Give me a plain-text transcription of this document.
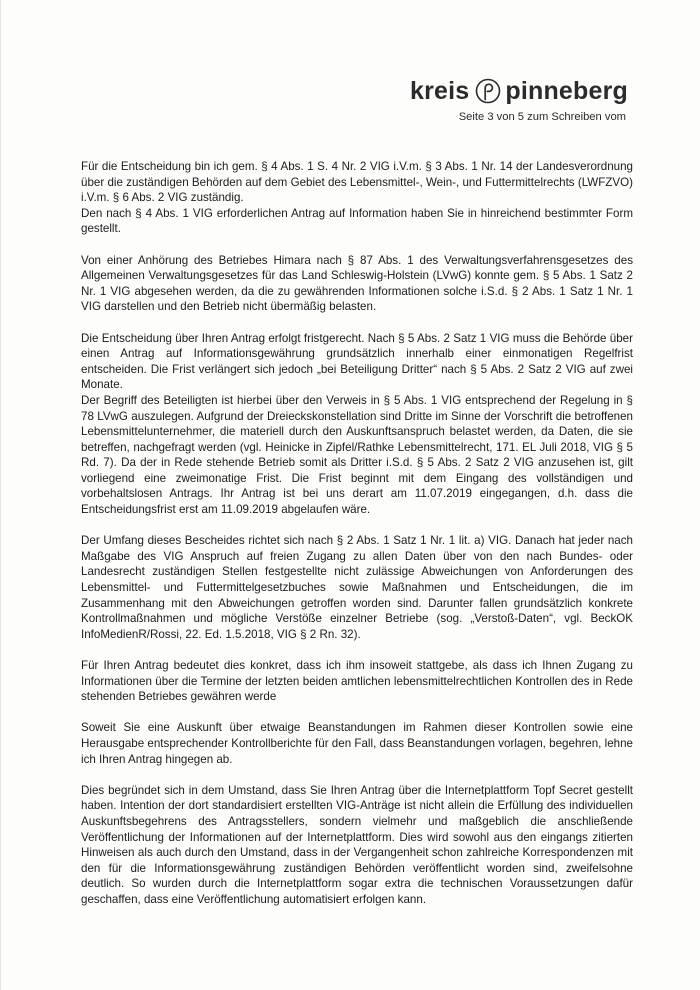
kreis pinneberg
Seite 3 von 5 zum Schreiben vom

Für die Entscheidung bin ich gem. § 4 Abs. 1 S. 4 Nr. 2 VIG i.V.m. § 3 Abs. 1 Nr. 14 der Landesverordnung über die zuständigen Behörden auf dem Gebiet des Lebensmittel-, Wein-, und Futtermittelrechts (LWFZVO) i.V.m. § 6 Abs. 2 VIG zuständig.

Den nach § 4 Abs. 1 VIG erforderlichen Antrag auf Information haben Sie in hinreichend bestimmter Form gestellt.

Von einer Anhörung des Betriebes Himara nach § 87 Abs. 1 des Verwaltungsverfahrensgesetzes des Allgemeinen Verwaltungsgesetzes für das Land Schleswig-Holstein (LVwG) konnte gem. § 5 Abs. 1 Satz 2 Nr. 1 VIG abgesehen werden, da die zu gewährenden Informationen solche i.S.d. § 2 Abs. 1 Satz 1 Nr. 1 VIG darstellen und den Betrieb nicht übermäßig belasten.

Die Entscheidung über Ihren Antrag erfolgt fristgerecht. Nach § 5 Abs. 2 Satz 1 VIG muss die Behörde über einen Antrag auf Informationsgewährung grundsätzlich innerhalb einer einmonatigen Regelfrist entscheiden. Die Frist verlängert sich jedoch „bei Beteiligung Dritter“ nach § 5 Abs. 2 Satz 2 VIG auf zwei Monate.

Der Begriff des Beteiligten ist hierbei über den Verweis in § 5 Abs. 1 VIG entsprechend der Regelung in § 78 LVwG auszulegen. Aufgrund der Dreieckskonstellation sind Dritte im Sinne der Vorschrift die betroffenen Lebensmittelunternehmer, die materiell durch den Auskunftsanspruch belastet werden, da Daten, die sie betreffen, nachgefragt werden (vgl. Heinicke in Zipfel/Rathke Lebensmittelrecht, 171. EL Juli 2018, VIG § 5 Rd. 7). Da der in Rede stehende Betrieb somit als Dritter i.S.d. § 5 Abs. 2 Satz 2 VIG anzusehen ist, gilt vorliegend eine zweimonatige Frist. Die Frist beginnt mit dem Eingang des vollständigen und vorbehaltslosen Antrags. Ihr Antrag ist bei uns derart am 11.07.2019 eingegangen, d.h. dass die Entscheidungsfrist erst am 11.09.2019 abgelaufen wäre.

Der Umfang dieses Bescheides richtet sich nach § 2 Abs. 1 Satz 1 Nr. 1 lit. a) VIG. Danach hat jeder nach Maßgabe des VIG Anspruch auf freien Zugang zu allen Daten über von den nach Bundes- oder Landesrecht zuständigen Stellen festgestellte nicht zulässige Abweichungen von Anforderungen des Lebensmittel- und Futtermittelgesetzbuches sowie Maßnahmen und Entscheidungen, die im Zusammenhang mit den Abweichungen getroffen worden sind. Darunter fallen grundsätzlich konkrete Kontrollmaßnahmen und mögliche Verstöße einzelner Betriebe (sog. „Verstoß-Daten“, vgl. BeckOK InfoMedienR/Rossi, 22. Ed. 1.5.2018, VIG § 2 Rn. 32).

Für Ihren Antrag bedeutet dies konkret, dass ich ihm insoweit stattgebe, als dass ich Ihnen Zugang zu Informationen über die Termine der letzten beiden amtlichen lebensmittelrechtlichen Kontrollen des in Rede stehenden Betriebes gewähren werde

Soweit Sie eine Auskunft über etwaige Beanstandungen im Rahmen dieser Kontrollen sowie eine Herausgabe entsprechender Kontrollberichte für den Fall, dass Beanstandungen vorlagen, begehren, lehne ich Ihren Antrag hingegen ab.

Dies begründet sich in dem Umstand, dass Sie Ihren Antrag über die Internetplattform Topf Secret gestellt haben. Intention der dort standardisiert erstellten VIG-Anträge ist nicht allein die Erfüllung des individuellen Auskunftsbegehrens des Antragsstellers, sondern vielmehr und maßgeblich die anschließende Veröffentlichung der Informationen auf der Internetplattform. Dies wird sowohl aus den eingangs zitierten Hinweisen als auch durch den Umstand, dass in der Vergangenheit schon zahlreiche Korrespondenzen mit den für die Informationsgewährung zuständigen Behörden veröffentlicht worden sind, zweifelsohne deutlich. So wurden durch die Internetplattform sogar extra die technischen Voraussetzungen dafür geschaffen, dass eine Veröffentlichung automatisiert erfolgen kann.
